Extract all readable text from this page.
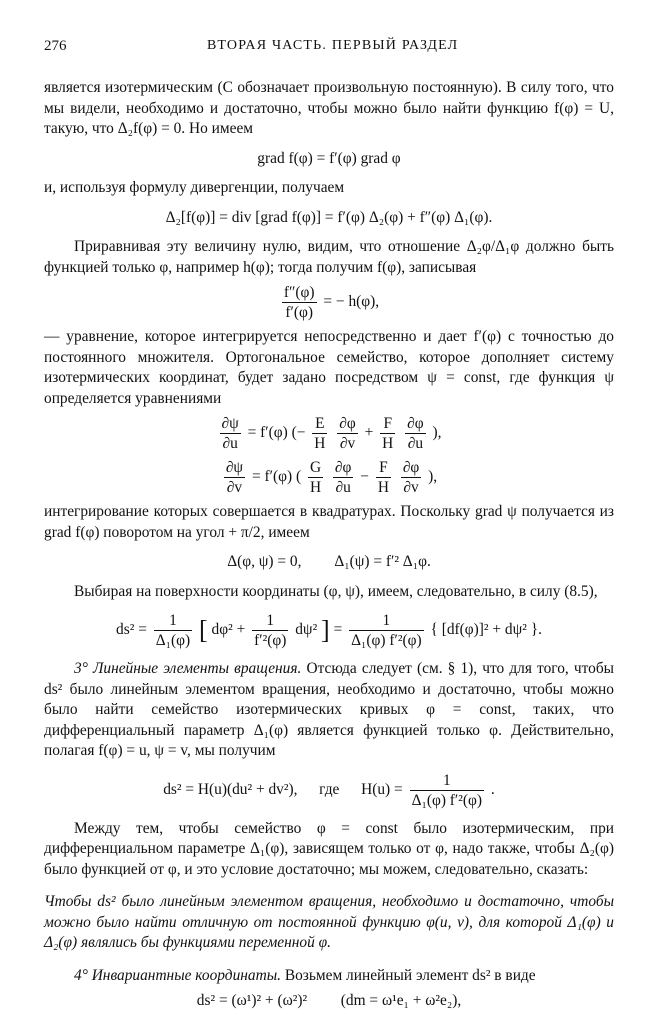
276	ВТОРАЯ ЧАСТЬ. ПЕРВЫЙ РАЗДЕЛ

является изотермическим (C обозначает произвольную постоянную). В силу того, что мы видели, необходимо и достаточно, чтобы можно было найти функцию f(φ) = U, такую, что Δ₂f(φ) = 0. Но имеем

grad f(φ) = f′(φ) grad φ

и, используя формулу дивергенции, получаем

Δ₂[f(φ)] = div [grad f(φ)] = f′(φ) Δ₂(φ) + f″(φ) Δ₁(φ).

Приравнивая эту величину нулю, видим, что отношение Δ₂φ/Δ₁φ должно быть функцией только φ, например h(φ); тогда получим f(φ), записывая

$\frac{f''(\varphi)}{f'(\varphi)}$ = − h(φ),

— уравнение, которое интегрируется непосредственно и дает f′(φ) с точностью до постоянного множителя. Ортогональное семейство, которое дополняет систему изотермических координат, будет задано посредством ψ = const, где функция ψ определяется уравнениями

$\frac{\partial\psi}{\partial u} = f'(\varphi)$ (− $\frac{E}{H}$
$\frac{\partial\varphi}{\partial v} + \frac{F}{H}$
$\frac{\partial\varphi}{\partial u}$ ),
$\frac{\partial\psi}{\partial v} = f'(\varphi)$ ( $\frac{G}{H}$
$\frac{\partial\varphi}{\partial u} - \frac{F}{H}$
$\frac{\partial\varphi}{\partial v}$ ),

интегрирование которых совершается в квадратурах. Поскольку grad ψ получается из grad f(φ) поворотом на угол + π/2, имеем

Δ(φ, ψ) = 0, Δ₁(ψ) = f′² Δ₁φ.

Выбирая на поверхности координаты (φ, ψ), имеем, следовательно, в силу (8.5),

$ds^2 = \frac{1}{\text{Δ₁(φ)}}$ [ $d\varphi^2 + \frac{1}{\text{f′²(φ)}} d\psi^2$ ] = $\frac{1}{\text{Δ₁(φ) f′²(φ)}}$ { [df(φ)]² + dψ² }.

3° Линейные элементы вращения. Отсюда следует (см. § 1), что для того, чтобы ds² было линейным элементом вращения, необходимо и достаточно, чтобы можно было найти семейство изотермических кривых φ = const, таких, что дифференциальный параметр Δ₁(φ) является функцией только φ. Действительно, полагая f(φ) = u, ψ = v, мы получим

ds² = H(u)(du² + dv²), где $H(u) = \frac{1}{\text{Δ₁(φ) f′²(φ)}}$ .

Между тем, чтобы семейство φ = const было изотермическим, при дифференциальном параметре Δ₁(φ), зависящем только от φ, надо также, чтобы Δ₂(φ) было функцией от φ, и это условие достаточно; мы можем, следовательно, сказать:

Чтобы ds² было линейным элементом вращения, необходимо и достаточно, чтобы можно было найти отличную от постоянной функцию φ(u, v), для которой Δ₁(φ) и Δ₂(φ) являлись бы функциями переменной φ.

4° Инвариантные координаты. Возьмем линейный элемент ds² в виде

ds² = (ω¹)² + (ω²)² (dm = ω¹e₁ + ω²e₂),
